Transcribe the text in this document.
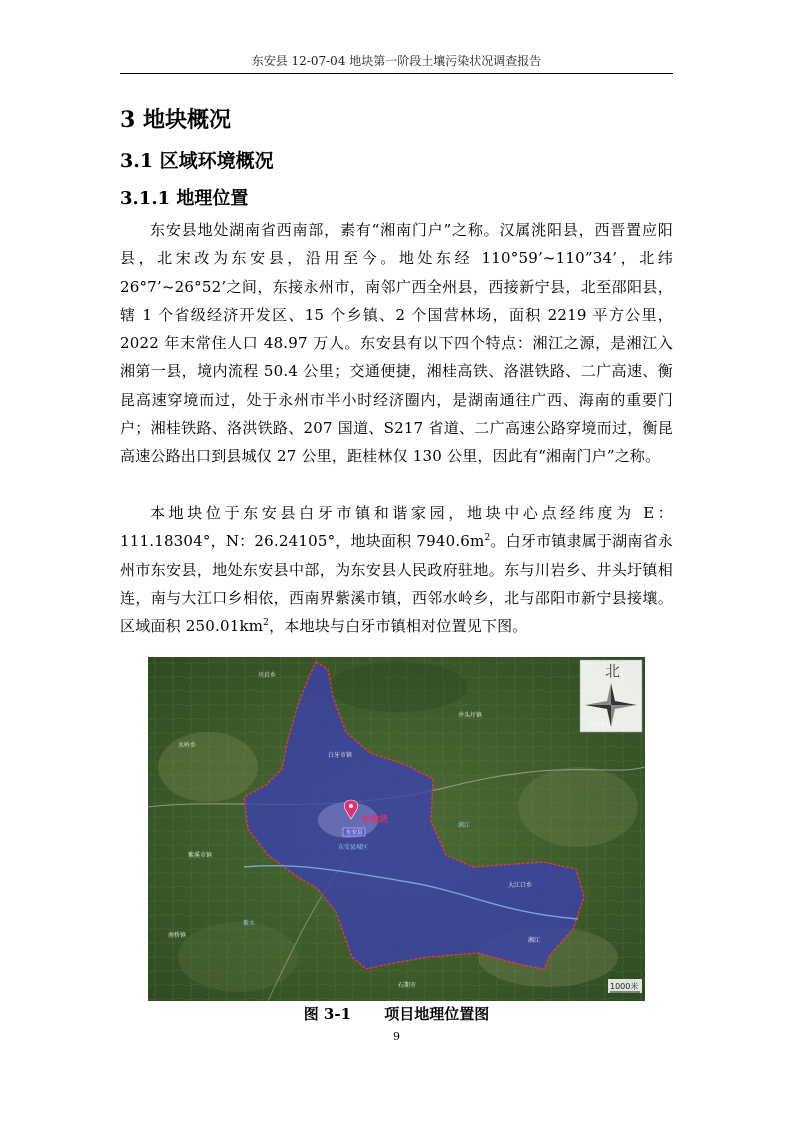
东安县 12-07-04 地块第一阶段土壤污染状况调查报告
3 地块概况
3.1 区域环境概况
3.1.1 地理位置

东安县地处湖南省西南部，素有“湘南门户”之称。汉属洮阳县，西晋置应阳县，北宋改为东安县，沿用至今。地处东经 110°59’~110”34’，北纬 26°7’~26°52’之间，东接永州市，南邻广西全州县，西接新宁县，北至邵阳县，辖 1 个省级经济开发区、15 个乡镇、2 个国营林场，面积 2219 平方公里，2022 年末常住人口 48.97 万人。东安县有以下四个特点：湘江之源，是湘江入湘第一县，境内流程 50.4 公里；交通便捷，湘桂高铁、洛湛铁路、二广高速、衡昆高速穿境而过，处于永州市半小时经济圈内，是湖南通往广西、海南的重要门户；湘桂铁路、洛洪铁路、207 国道、S217 省道、二广高速公路穿境而过，衡昆高速公路出口到县城仅 27 公里，距桂林仅 130 公里，因此有“湘南门户”之称。

本地块位于东安县白牙市镇和谐家园，地块中心点经纬度为 E：111.18304°，N：26.24105°，地块面积 $7940.6m^2$。白牙市镇隶属于湖南省永州市东安县，地处东安县中部，为东安县人民政府驻地。东与川岩乡、井头圩镇相连，南与大江口乡相依，西南界紫溪市镇，西邻水岭乡，北与邵阳市新宁县接壤。区域面积 $250.01km^2$，本地块与白牙市镇相对位置见下图。

本地块
东安县
川岩乡
井头圩镇
大江口乡
紫溪市镇
水岭乡
湘江
石期市
白牙市镇
南桥镇
紫水
东安县城区
湘江
北
1000米
图 3-1 项目地理位置图
9
